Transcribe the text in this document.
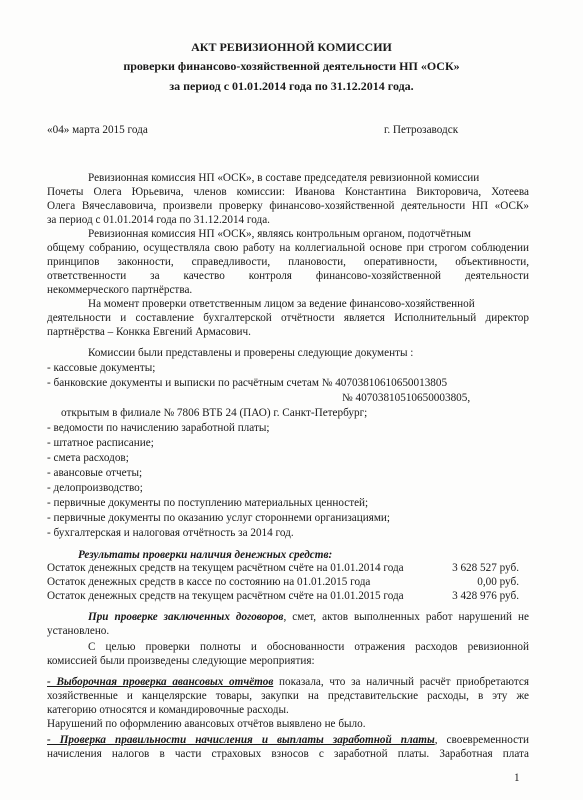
АКТ РЕВИЗИОННОЙ КОМИССИИ
проверки финансово-хозяйственной деятельности НП «ОСК»
за период с 01.01.2014 года по 31.12.2014 года.
«04» марта 2015 года	г. Петрозаводск
Ревизионная комиссия НП «ОСК», в составе председателя ревизионной комиссии
Почеты Олега Юрьевича, членов комиссии: Иванова Константина Викторовича, Хотеева
Олега Вячеславовича, произвели проверку финансово-хозяйственной деятельности НП «ОСК»
за период с 01.01.2014 года по 31.12.2014 года.
Ревизионная комиссия НП «ОСК», являясь контрольным органом, подотчётным
общему собранию, осуществляла свою работу на коллегиальной основе при строгом соблюдении
принципов законности, справедливости, плановости, оперативности, объективности,
ответственности за качество контроля финансово-хозяйственной деятельности
некоммерческого партнёрства.
На момент проверки ответственным лицом за ведение финансово-хозяйственной
деятельности и составление бухгалтерской отчётности является Исполнительный директор
партнёрства – Конкка Евгений Армасович.
Комиссии были представлены и проверены следующие документы :
- кассовые документы;
- банковские документы и выписки по расчётным счетам № 40703810610650013805
№ 40703810510650003805,
открытым в филиале № 7806 ВТБ 24 (ПАО) г. Санкт-Петербург;
- ведомости по начислению заработной платы;
- штатное расписание;
- смета расходов;
- авансовые отчеты;
- делопроизводство;
- первичные документы по поступлению материальных ценностей;
- первичные документы по оказанию услуг стороннеми организациями;
- бухгалтерская и налоговая отчётность за 2014 год.
Результаты проверки наличия денежных средств:
Остаток денежных средств на текущем расчётном счёте на 01.01.2014 года	3 628 527 руб.
Остаток денежных средств в кассе по состоянию на 01.01.2015 года	0,00 руб.
Остаток денежных средств на текущем расчётном счёте на 01.01.2015 года	3 428 976 руб.
При проверке заключенных договоров, смет, актов выполненных работ нарушений не
установлено.
С целью проверки полноты и обоснованности отражения расходов ревизионной
комиссией были произведены следующие мероприятия:
- Выборочная проверка авансовых отчётов показала, что за наличный расчёт приобретаются
хозяйственные и канцелярские товары, закупки на представительские расходы, в эту же
категорию относятся и командировочные расходы.
Нарушений по оформлению авансовых отчётов выявлено не было.
- Проверка правильности начисления и выплаты заработной платы, своевременности
начисления налогов в части страховых взносов с заработной платы. Заработная плата
1
